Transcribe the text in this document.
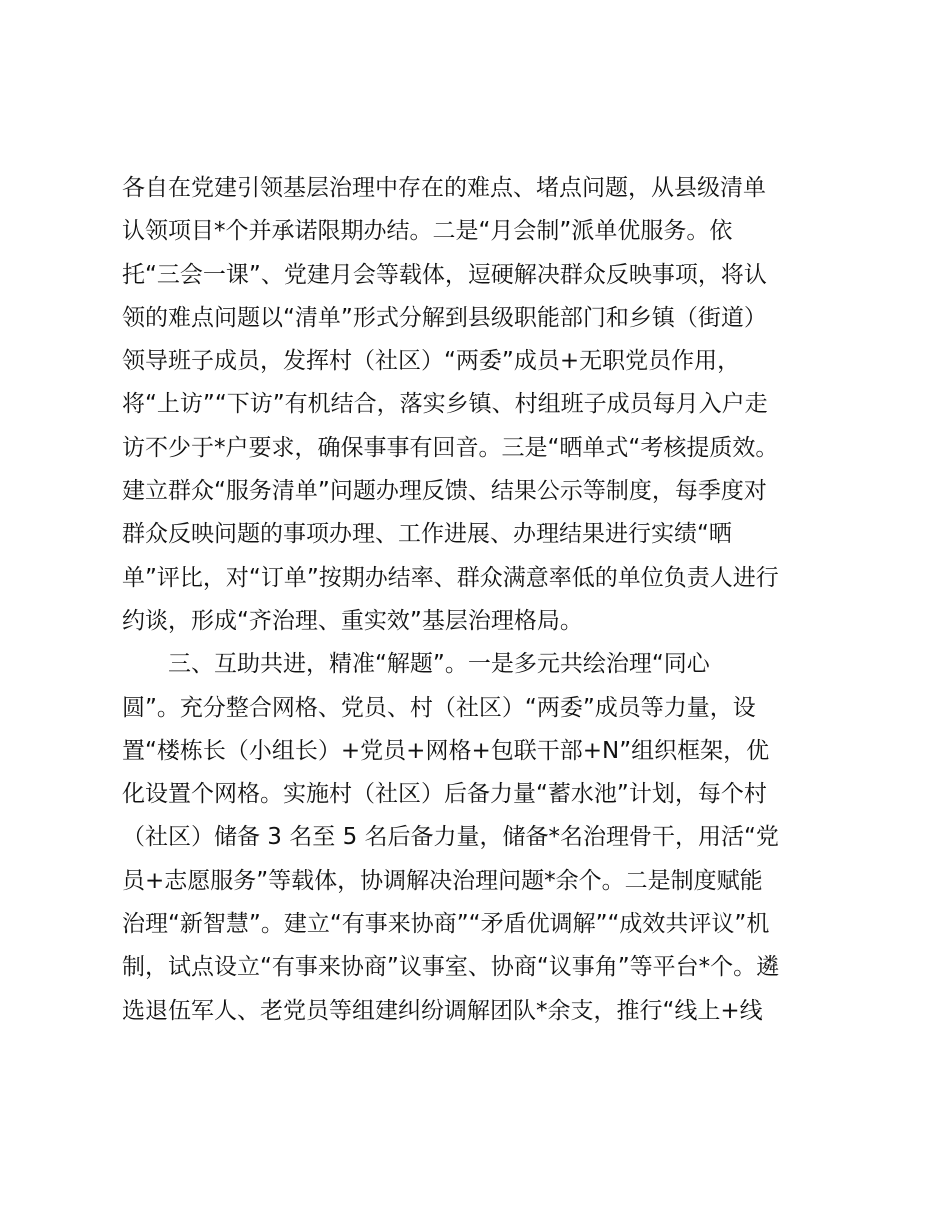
各自在党建引领基层治理中存在的难点、堵点问题，从县级清单
认领项目*个并承诺限期办结。二是“月会制”派单优服务。依
托“三会一课”、党建月会等载体，逗硬解决群众反映事项，将认
领的难点问题以“清单”形式分解到县级职能部门和乡镇（街道）
领导班子成员，发挥村（社区）“两委”成员+无职党员作用，
将“上访”“下访”有机结合，落实乡镇、村组班子成员每月入户走
访不少于*户要求，确保事事有回音。三是“晒单式“考核提质效。
建立群众“服务清单”问题办理反馈、结果公示等制度，每季度对
群众反映问题的事项办理、工作进展、办理结果进行实绩“晒
单”评比，对“订单”按期办结率、群众满意率低的单位负责人进行
约谈，形成“齐治理、重实效”基层治理格局。
三、互助共进，精准“解题”。一是多元共绘治理“同心
圆”。充分整合网格、党员、村（社区）“两委”成员等力量，设
置“楼栋长（小组长）+党员+网格+包联干部+N”组织框架，优
化设置个网格。实施村（社区）后备力量“蓄水池”计划，每个村
（社区）储备 3 名至 5 名后备力量，储备*名治理骨干，用活“党
员+志愿服务”等载体，协调解决治理问题*余个。二是制度赋能
治理“新智慧”。建立“有事来协商”“矛盾优调解”“成效共评议”机
制，试点设立“有事来协商”议事室、协商“议事角”等平台*个。遴
选退伍军人、老党员等组建纠纷调解团队*余支，推行“线上+线
